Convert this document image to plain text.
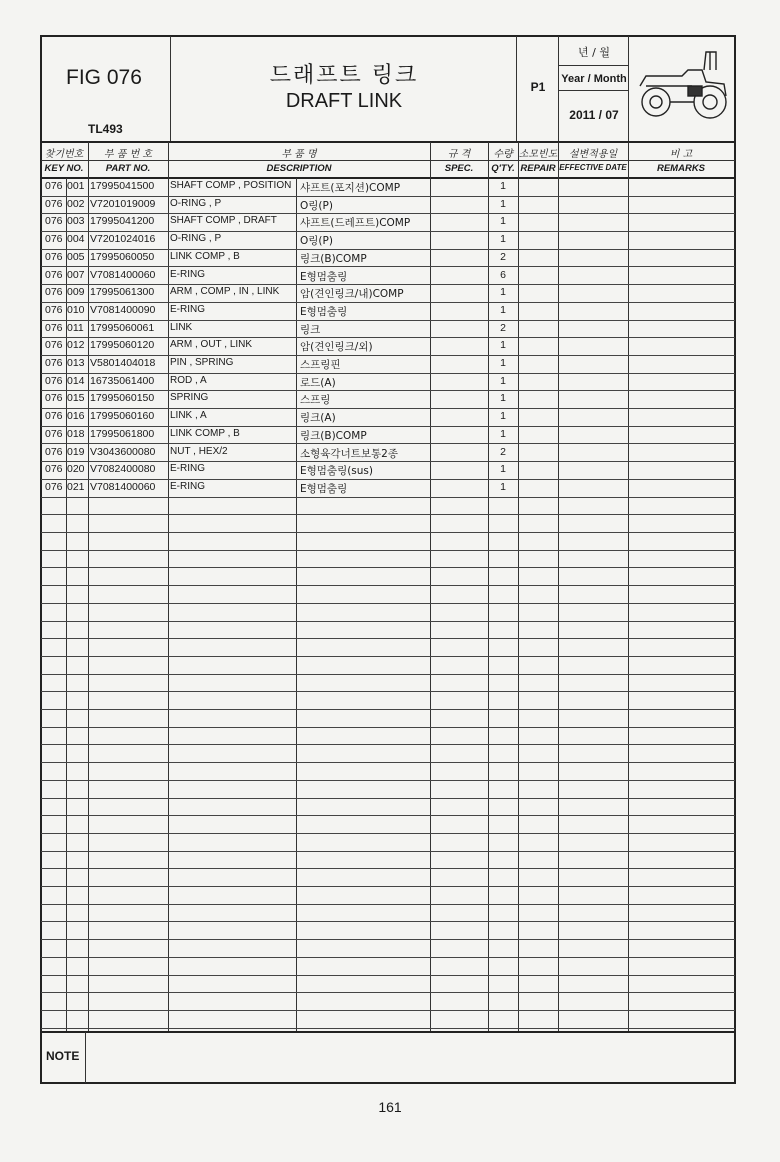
FIG 076
TL493
드래프트 링크
DRAFT LINK
P1
년 / 월
Year / Month
2011 / 07
찾기번호
KEY NO.
부 품 번 호
PART NO.
부 품 명
DESCRIPTION
규 격
SPEC.
수량
Q'TY.
소모빈도
REPAIR
설변적용일
EFFECTIVE DATE
비 고
REMARKS
076 001 17995041500 SHAFT COMP , POSITION 샤프트(포지션)COMP	1
076 002 V7201019009 O-RING , P	O링(P)	1
076 003 17995041200 SHAFT COMP , DRAFT 샤프트(드레프트)COMP	1
076 004 V7201024016 O-RING , P	O링(P)	1
076 005 17995060050 LINK COMP , B	링크(B)COMP	2
076 007 V7081400060 E-RING	E형멈춤링	6
076 009 17995061300 ARM , COMP , IN , LINK 암(견인링크/내)COMP	1
076 010 V7081400090 E-RING	E형멈춤링	1
076 011 17995060061 LINK	링크	2
076 012 17995060120 ARM , OUT , LINK	암(견인링크/외)	1
076 013 V5801404018 PIN , SPRING	스프링핀	1
076 014 16735061400 ROD , A	로드(A)	1
076 015 17995060150 SPRING	스프링	1
076 016 17995060160 LINK , A	링크(A)	1
076 018 17995061800 LINK COMP , B	링크(B)COMP	1
076 019 V3043600080 NUT , HEX/2	소형육각너트보통2종	2
076 020 V7082400080 E-RING	E형멈춤링(sus)	1
076 021 V7081400060 E-RING	E형멈춤링	1
NOTE
161
